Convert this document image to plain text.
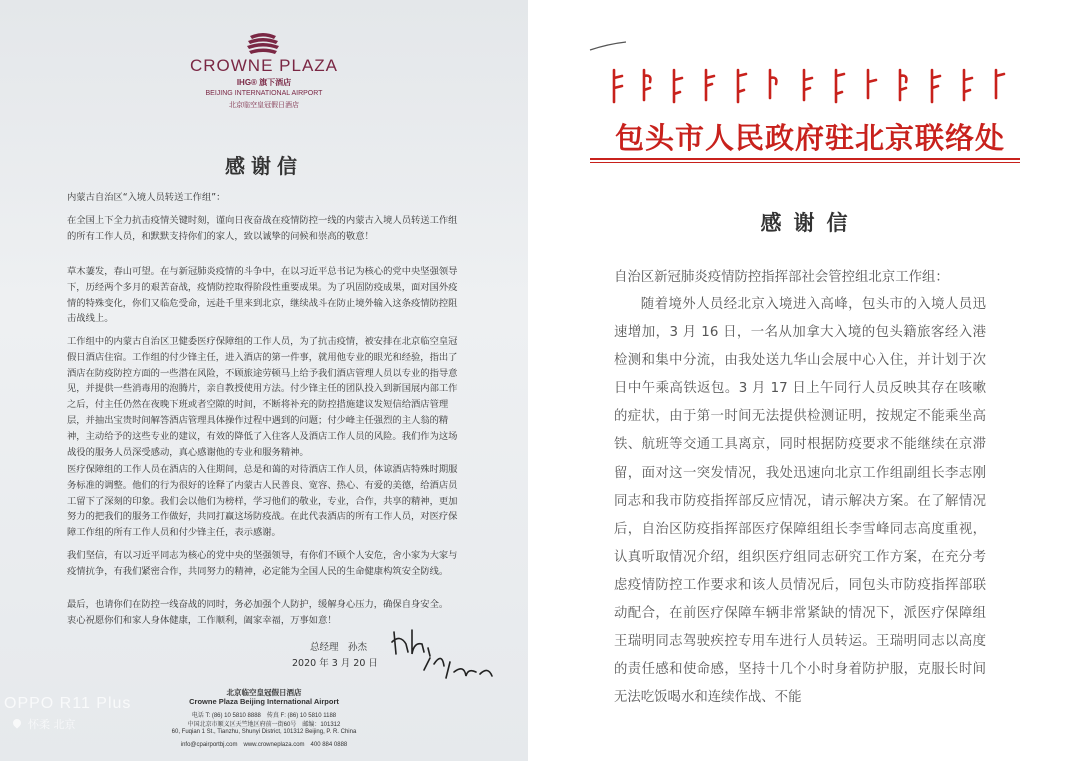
CROWNE PLAZA
IHG® 旗下酒店
BEIJING INTERNATIONAL AIRPORT
北京临空皇冠假日酒店
感谢信
内蒙古自治区“入境人员转送工作组”：
在全国上下全力抗击疫情关键时刻，谨向日夜奋战在疫情防控一线的内蒙古入境人员转送工作组的所有工作人员，和默默支持你们的家人，致以诚挚的问候和崇高的敬意！
草木萋发，春山可望。在与新冠肺炎疫情的斗争中，在以习近平总书记为核心的党中央坚强领导下，历经两个多月的艰苦奋战，疫情防控取得阶段性重要成果。为了巩固防疫成果，面对国外疫情的特殊变化，你们又临危受命，远赴千里来到北京，继续战斗在防止境外输入这条疫情防控阻击战线上。
工作组中的内蒙古自治区卫健委医疗保障组的工作人员，为了抗击疫情，被安排在北京临空皇冠假日酒店住宿。工作组的付少锋主任，进入酒店的第一件事，就用他专业的眼光和经验，指出了酒店在防疫防控方面的一些潜在风险，不顾旅途劳顿马上给予我们酒店管理人员以专业的指导意见，并提供一些消毒用的泡腾片，亲自教授使用方法。付少锋主任的团队投入到新国展内部工作之后，付主任仍然在夜晚下班或者空隙的时间，不断将补充的防控措施建议发短信给酒店管理层，并抽出宝贵时间解答酒店管理具体操作过程中遇到的问题；付少峰主任强烈的主人翁的精神，主动给予的这些专业的建议，有效的降低了入住客人及酒店工作人员的风险。我们作为这场战役的服务人员深受感动，真心感谢他的专业和服务精神。
医疗保障组的工作人员在酒店的入住期间，总是和蔼的对待酒店工作人员，体谅酒店特殊时期服务标准的调整。他们的行为很好的诠释了内蒙古人民善良、宽容、热心、有爱的美德，给酒店员工留下了深刻的印象。我们会以他们为榜样，学习他们的敬业，专业，合作，共享的精神，更加努力的把我们的服务工作做好，共同打赢这场防疫战。在此代表酒店的所有工作人员，对医疗保障工作组的所有工作人员和付少锋主任，表示感谢。
我们坚信，有以习近平同志为核心的党中央的坚强领导，有你们不顾个人安危，舍小家为大家与疫情抗争，有我们紧密合作，共同努力的精神，必定能为全国人民的生命健康构筑安全防线。
最后，也请你们在防控一线奋战的同时，务必加强个人防护，缓解身心压力，确保自身安全。
衷心祝愿你们和家人身体健康，工作顺利，阖家幸福，万事如意！
总经理　孙杰
2020 年 3 月 20 日
北京临空皇冠假日酒店
Crowne Plaza Beijing International Airport
电话 T: (86) 10 5810 8888　传真 F: (86) 10 5810 1188
中国北京市顺义区天竺地区府前一街60号　邮编：101312
60, Fuqian 1 St., Tianzhu, Shunyi District, 101312 Beijing, P. R. China
info@cpairportbj.com　www.crowneplaza.com　400 884 0888
OPPO R11 Plus
怀柔 北京
包头市人民政府驻北京联络处
感谢信
自治区新冠肺炎疫情防控指挥部社会管控组北京工作组：
随着境外人员经北京入境进入高峰，包头市的入境人员迅速增加，3 月 16 日，一名从加拿大入境的包头籍旅客经入港检测和集中分流，由我处送九华山会展中心入住，并计划于次日中午乘高铁返包。3 月 17 日上午同行人员反映其存在咳嗽的症状，由于第一时间无法提供检测证明，按规定不能乘坐高铁、航班等交通工具离京，同时根据防疫要求不能继续在京滞留，面对这一突发情况，我处迅速向北京工作组副组长李志刚同志和我市防疫指挥部反应情况，请示解决方案。在了解情况后，自治区防疫指挥部医疗保障组组长李雪峰同志高度重视，认真听取情况介绍，组织医疗组同志研究工作方案，在充分考虑疫情防控工作要求和该人员情况后，同包头市防疫指挥部联动配合，在前医疗保障车辆非常紧缺的情况下，派医疗保障组王瑞明同志驾驶疾控专用车进行人员转运。王瑞明同志以高度的责任感和使命感，坚持十几个小时身着防护服，克服长时间无法吃饭喝水和连续作战、不能
